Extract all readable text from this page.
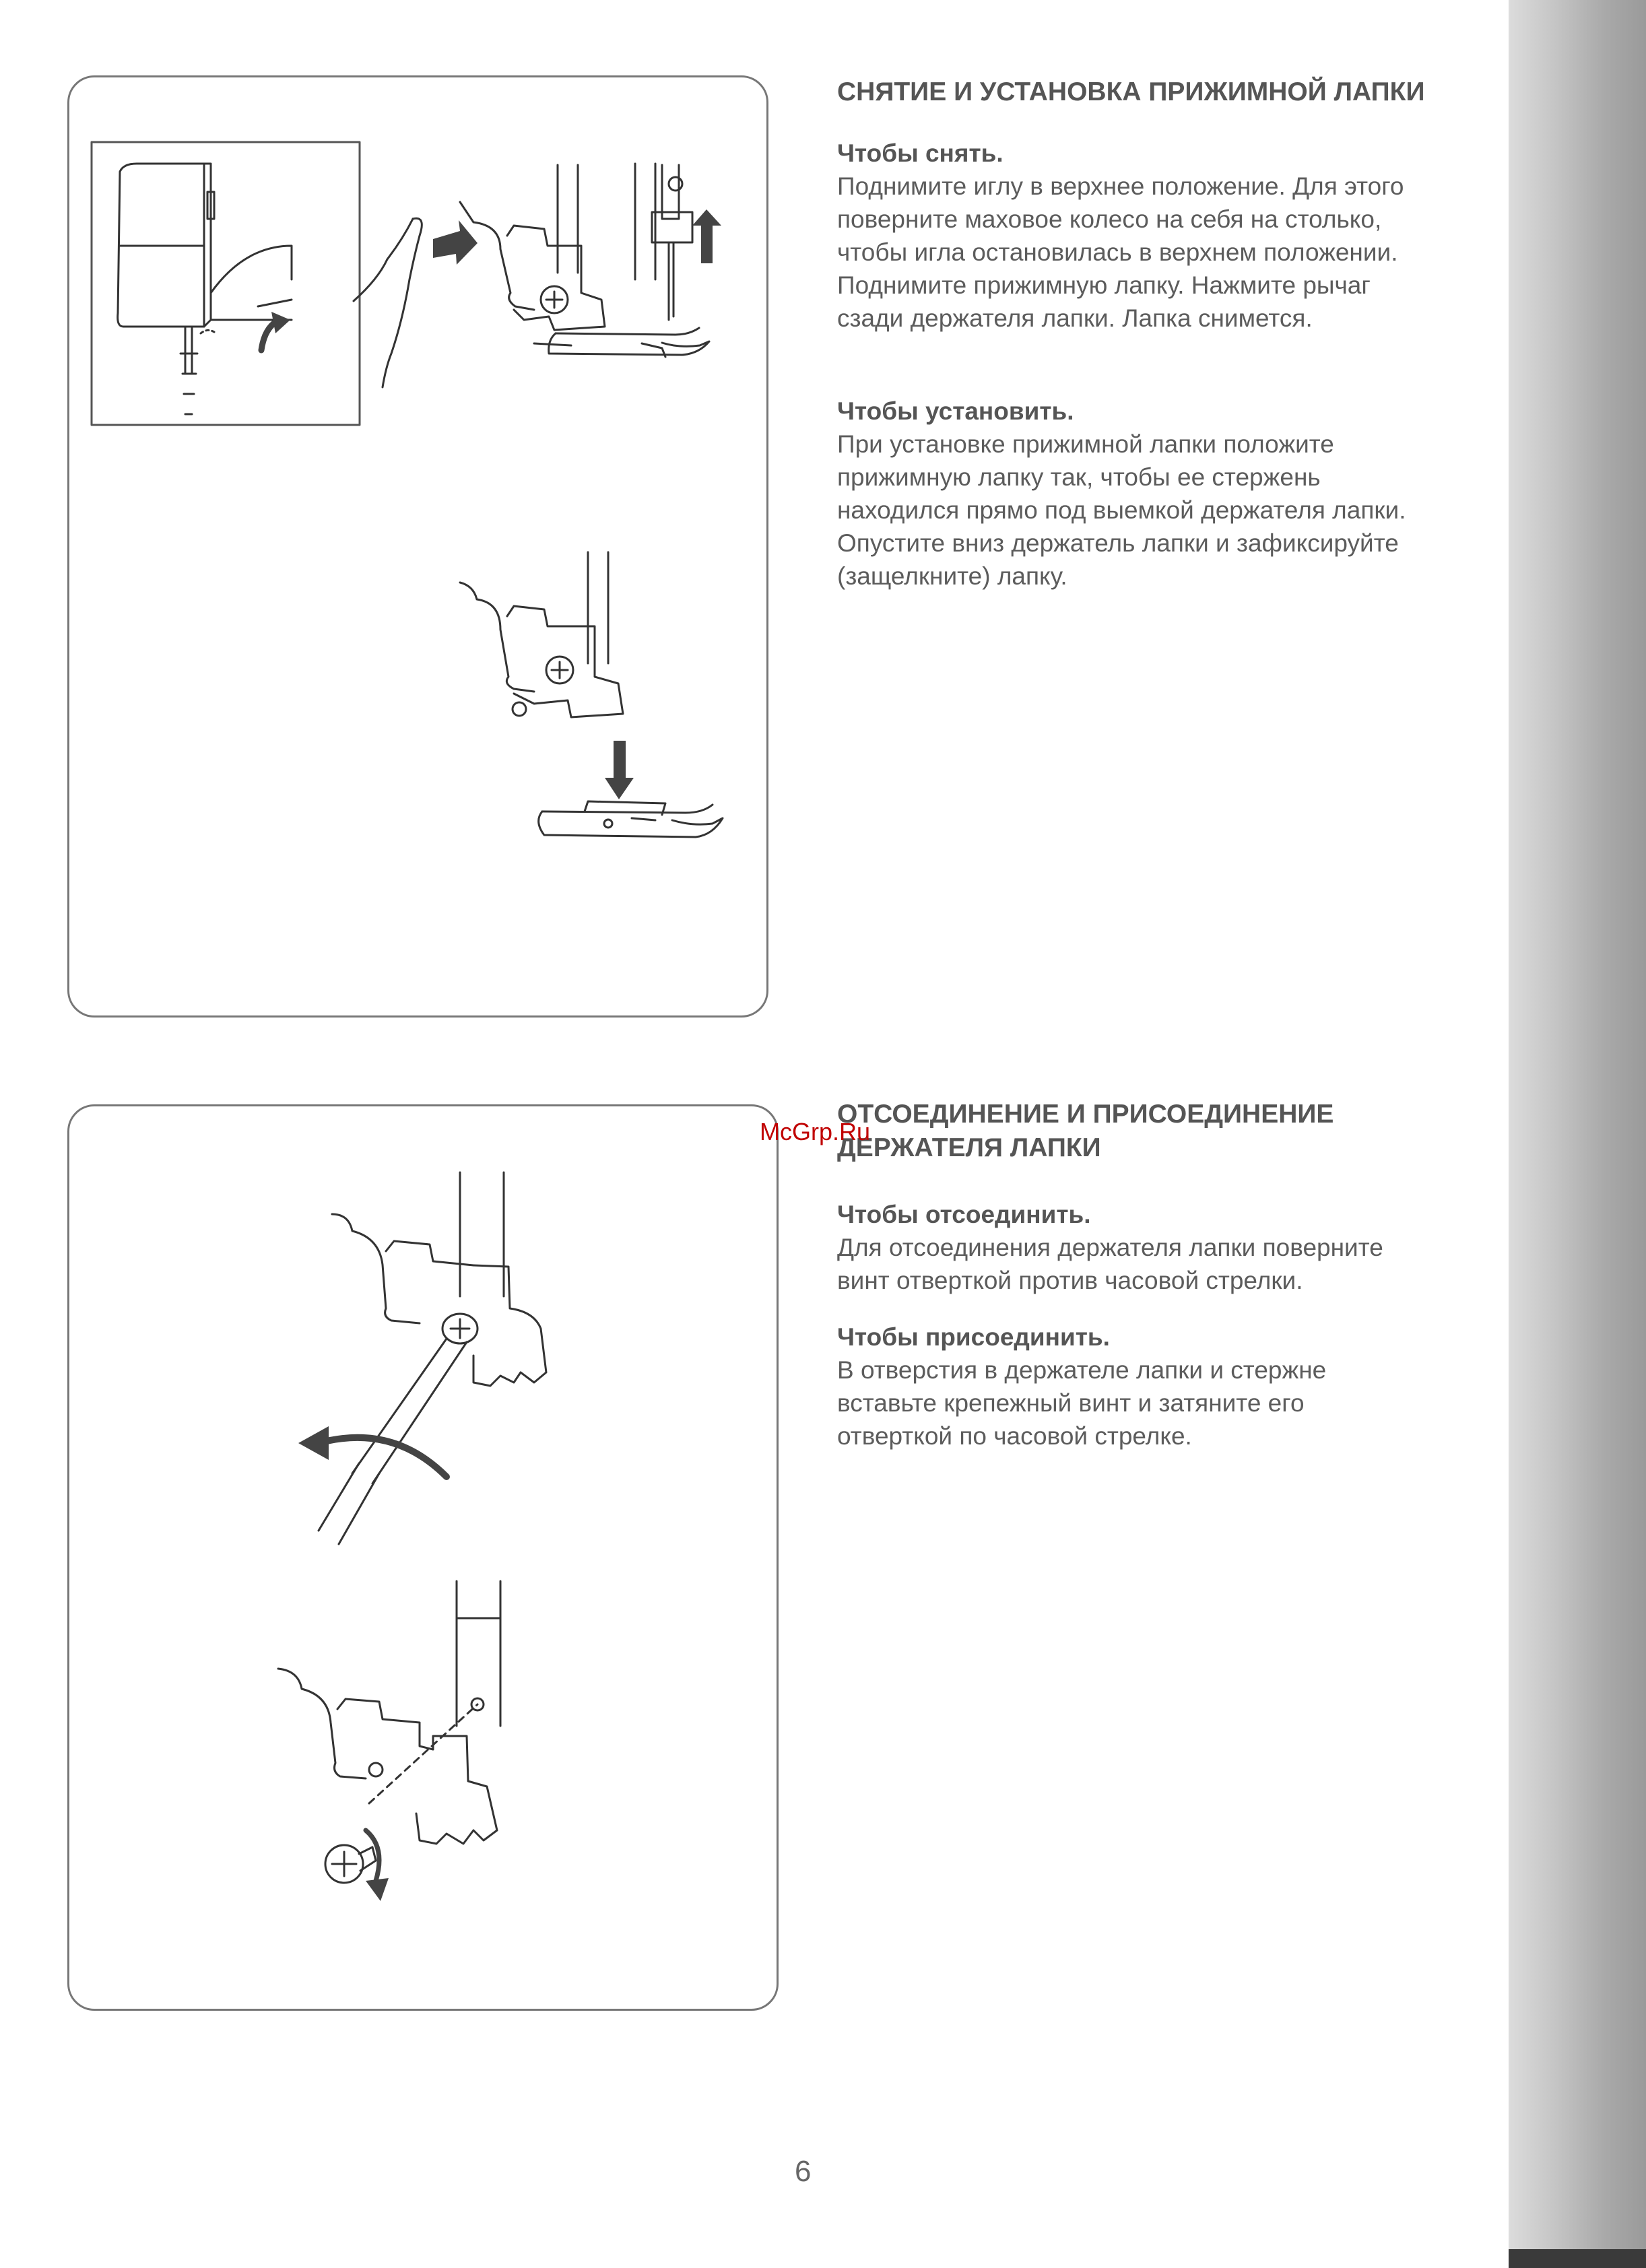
СНЯТИЕ И УСТАНОВКА ПРИЖИМНОЙ ЛАПКИ

Чтобы снять.

Поднимите иглу в верхнее положение. Для этого
поверните маховое колесо на себя на столько,
чтобы игла остановилась в верхнем положении.
Поднимите прижимную лапку. Нажмите рычаг
сзади держателя лапки. Лапка снимется.

Чтобы установить.

При установке прижимной лапки положите
прижимную лапку так, чтобы ее стержень
находился прямо под выемкой держателя лапки.
Опустите вниз держатель лапки и зафиксируйте
(защелкните) лапку.

ОТСОЕДИНЕНИЕ И ПРИСОЕДИНЕНИЕ
ДЕРЖАТЕЛЯ ЛАПКИ

Чтобы отсоединить.

Для отсоединения держателя лапки поверните
винт отверткой против часовой стрелки.

Чтобы присоединить.

В отверстия в держателе лапки и стержне
вставьте крепежный винт и затяните его
отверткой по часовой стрелке.

McGrp.Ru
6
